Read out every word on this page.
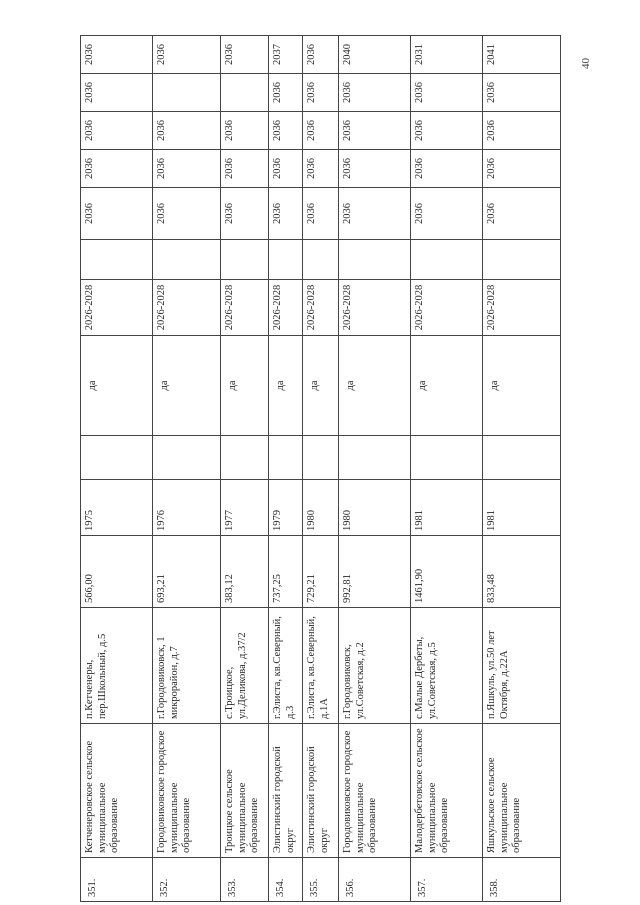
351.	Кетченеровское сельское муниципальное образование	п.Кетченеры, пер.Школьный, д.5	566,00	1975		да	2026-2028		2036	2036	2036	2036	2036
352.	Городовиковское городское муниципальное образование	г.Городовиковск, 1 микрорайон, д.7	693,21	1976		да	2026-2028		2036	2036	2036		2036
353.	Троицкое сельское муниципальное образование	с.Троицкое, ул.Деликова, д.37/2	383,12	1977		да	2026-2028		2036	2036	2036		2036
354.	Элистинский городской округ	г.Элиста, кв.Северный, д.3	737,25	1979		да	2026-2028		2036	2036	2036	2036	2037
355.	Элистинский городской округ	г.Элиста, кв.Северный, д.1А	729,21	1980		да	2026-2028		2036	2036	2036	2036	2036
356.	Городовиковское городское муниципальное образование	г.Городовиковск, ул.Советская, д.2	992,81	1980		да	2026-2028		2036	2036	2036	2036	2040
357.	Малодербетовское сельское муниципальное образование	с.Малые Дербеты, ул.Советская, д.5	1461,90	1981		да	2026-2028		2036	2036	2036	2036	2031
358.	Яшкульское сельское муниципальное образование	п.Яшкуль, ул.50 лет Октября, д.22А	833,48	1981		да	2026-2028		2036	2036	2036	2036	2041	40
